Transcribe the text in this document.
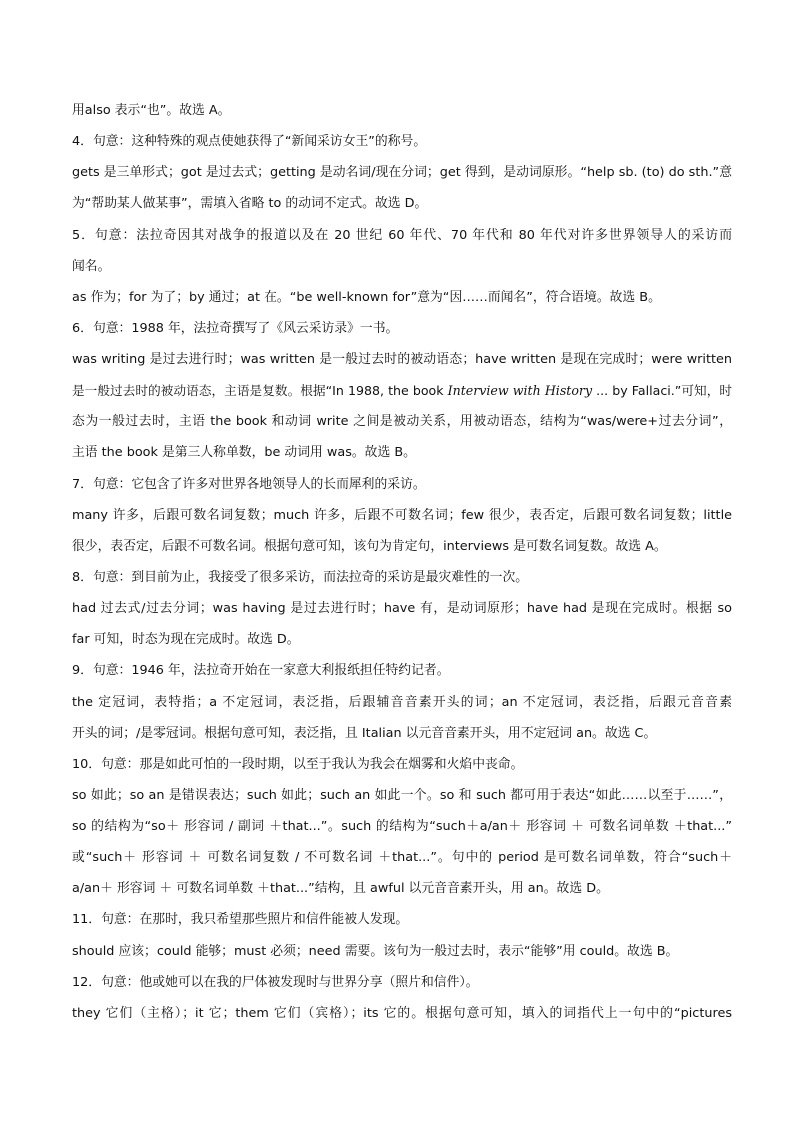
用also 表示“也”。故选 A。

4．句意：这种特殊的观点使她获得了“新闻采访女王”的称号。

gets 是三单形式；got 是过去式；getting 是动名词/现在分词；get 得到，是动词原形。“help sb. (to) do sth.”意

为“帮助某人做某事”，需填入省略 to 的动词不定式。故选 D。

5．句意：法拉奇因其对战争的报道以及在 20 世纪 60 年代、70 年代和 80 年代对许多世界领导人的采访而

闻名。

as 作为；for 为了；by 通过；at 在。“be well-known for”意为“因……而闻名”，符合语境。故选 B。

6．句意：1988 年，法拉奇撰写了《风云采访录》一书。

was writing 是过去进行时；was written 是一般过去时的被动语态；have written 是现在完成时；were written

是一般过去时的被动语态，主语是复数。根据“In 1988, the book Interview with History ... by Fallaci.”可知，时

态为一般过去时，主语 the book 和动词 write 之间是被动关系，用被动语态，结构为“was/were+过去分词”，

主语 the book 是第三人称单数，be 动词用 was。故选 B。

7．句意：它包含了许多对世界各地领导人的长而犀利的采访。

many 许多，后跟可数名词复数；much 许多，后跟不可数名词；few 很少，表否定，后跟可数名词复数；little

很少，表否定，后跟不可数名词。根据句意可知，该句为肯定句，interviews 是可数名词复数。故选 A。

8．句意：到目前为止，我接受了很多采访，而法拉奇的采访是最灾难性的一次。

had 过去式/过去分词；was having 是过去进行时；have 有，是动词原形；have had 是现在完成时。根据 so

far 可知，时态为现在完成时。故选 D。

9．句意：1946 年，法拉奇开始在一家意大利报纸担任特约记者。

the 定冠词，表特指；a 不定冠词，表泛指，后跟辅音音素开头的词；an 不定冠词，表泛指，后跟元音音素

开头的词；/是零冠词。根据句意可知，表泛指，且 Italian 以元音音素开头，用不定冠词 an。故选 C。

10．句意：那是如此可怕的一段时期，以至于我认为我会在烟雾和火焰中丧命。

so 如此；so an 是错误表达；such 如此；such an 如此一个。so 和 such 都可用于表达“如此……以至于……”，

so 的结构为“so＋ 形容词 / 副词 ＋that...”。such 的结构为“such＋a/an＋ 形容词 ＋ 可数名词单数 ＋that...”

或“such＋ 形容词 ＋ 可数名词复数 / 不可数名词 ＋that...”。句中的 period 是可数名词单数，符合“such＋

a/an＋ 形容词 ＋ 可数名词单数 ＋that...”结构，且 awful 以元音音素开头，用 an。故选 D。

11．句意：在那时，我只希望那些照片和信件能被人发现。

should 应该；could 能够；must 必须；need 需要。该句为一般过去时，表示“能够”用 could。故选 B。

12．句意：他或她可以在我的尸体被发现时与世界分享（照片和信件）。

they 它们（主格）；it 它；them 它们（宾格）；its 它的。根据句意可知，填入的词指代上一句中的“pictures
